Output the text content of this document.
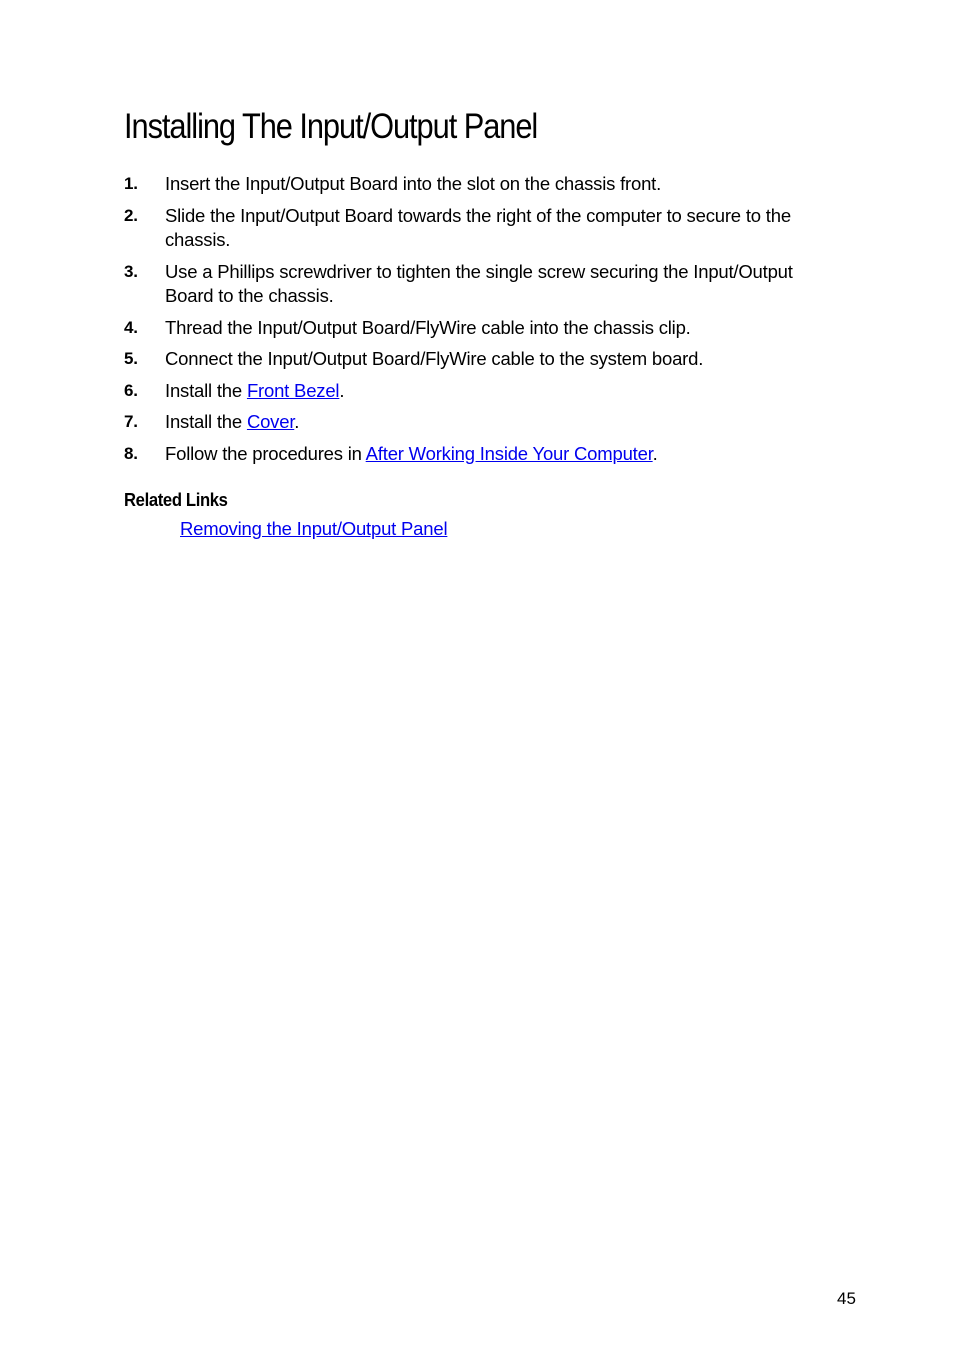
Installing The Input/Output Panel
1. Insert the Input/Output Board into the slot on the chassis front.
2. Slide the Input/Output Board towards the right of the computer to secure to the chassis.
3. Use a Phillips screwdriver to tighten the single screw securing the Input/Output Board to the chassis.
4. Thread the Input/Output Board/FlyWire cable into the chassis clip.
5. Connect the Input/Output Board/FlyWire cable to the system board.
6. Install the Front Bezel.
7. Install the Cover.
8. Follow the procedures in After Working Inside Your Computer.
Related Links
Removing the Input/Output Panel
45
